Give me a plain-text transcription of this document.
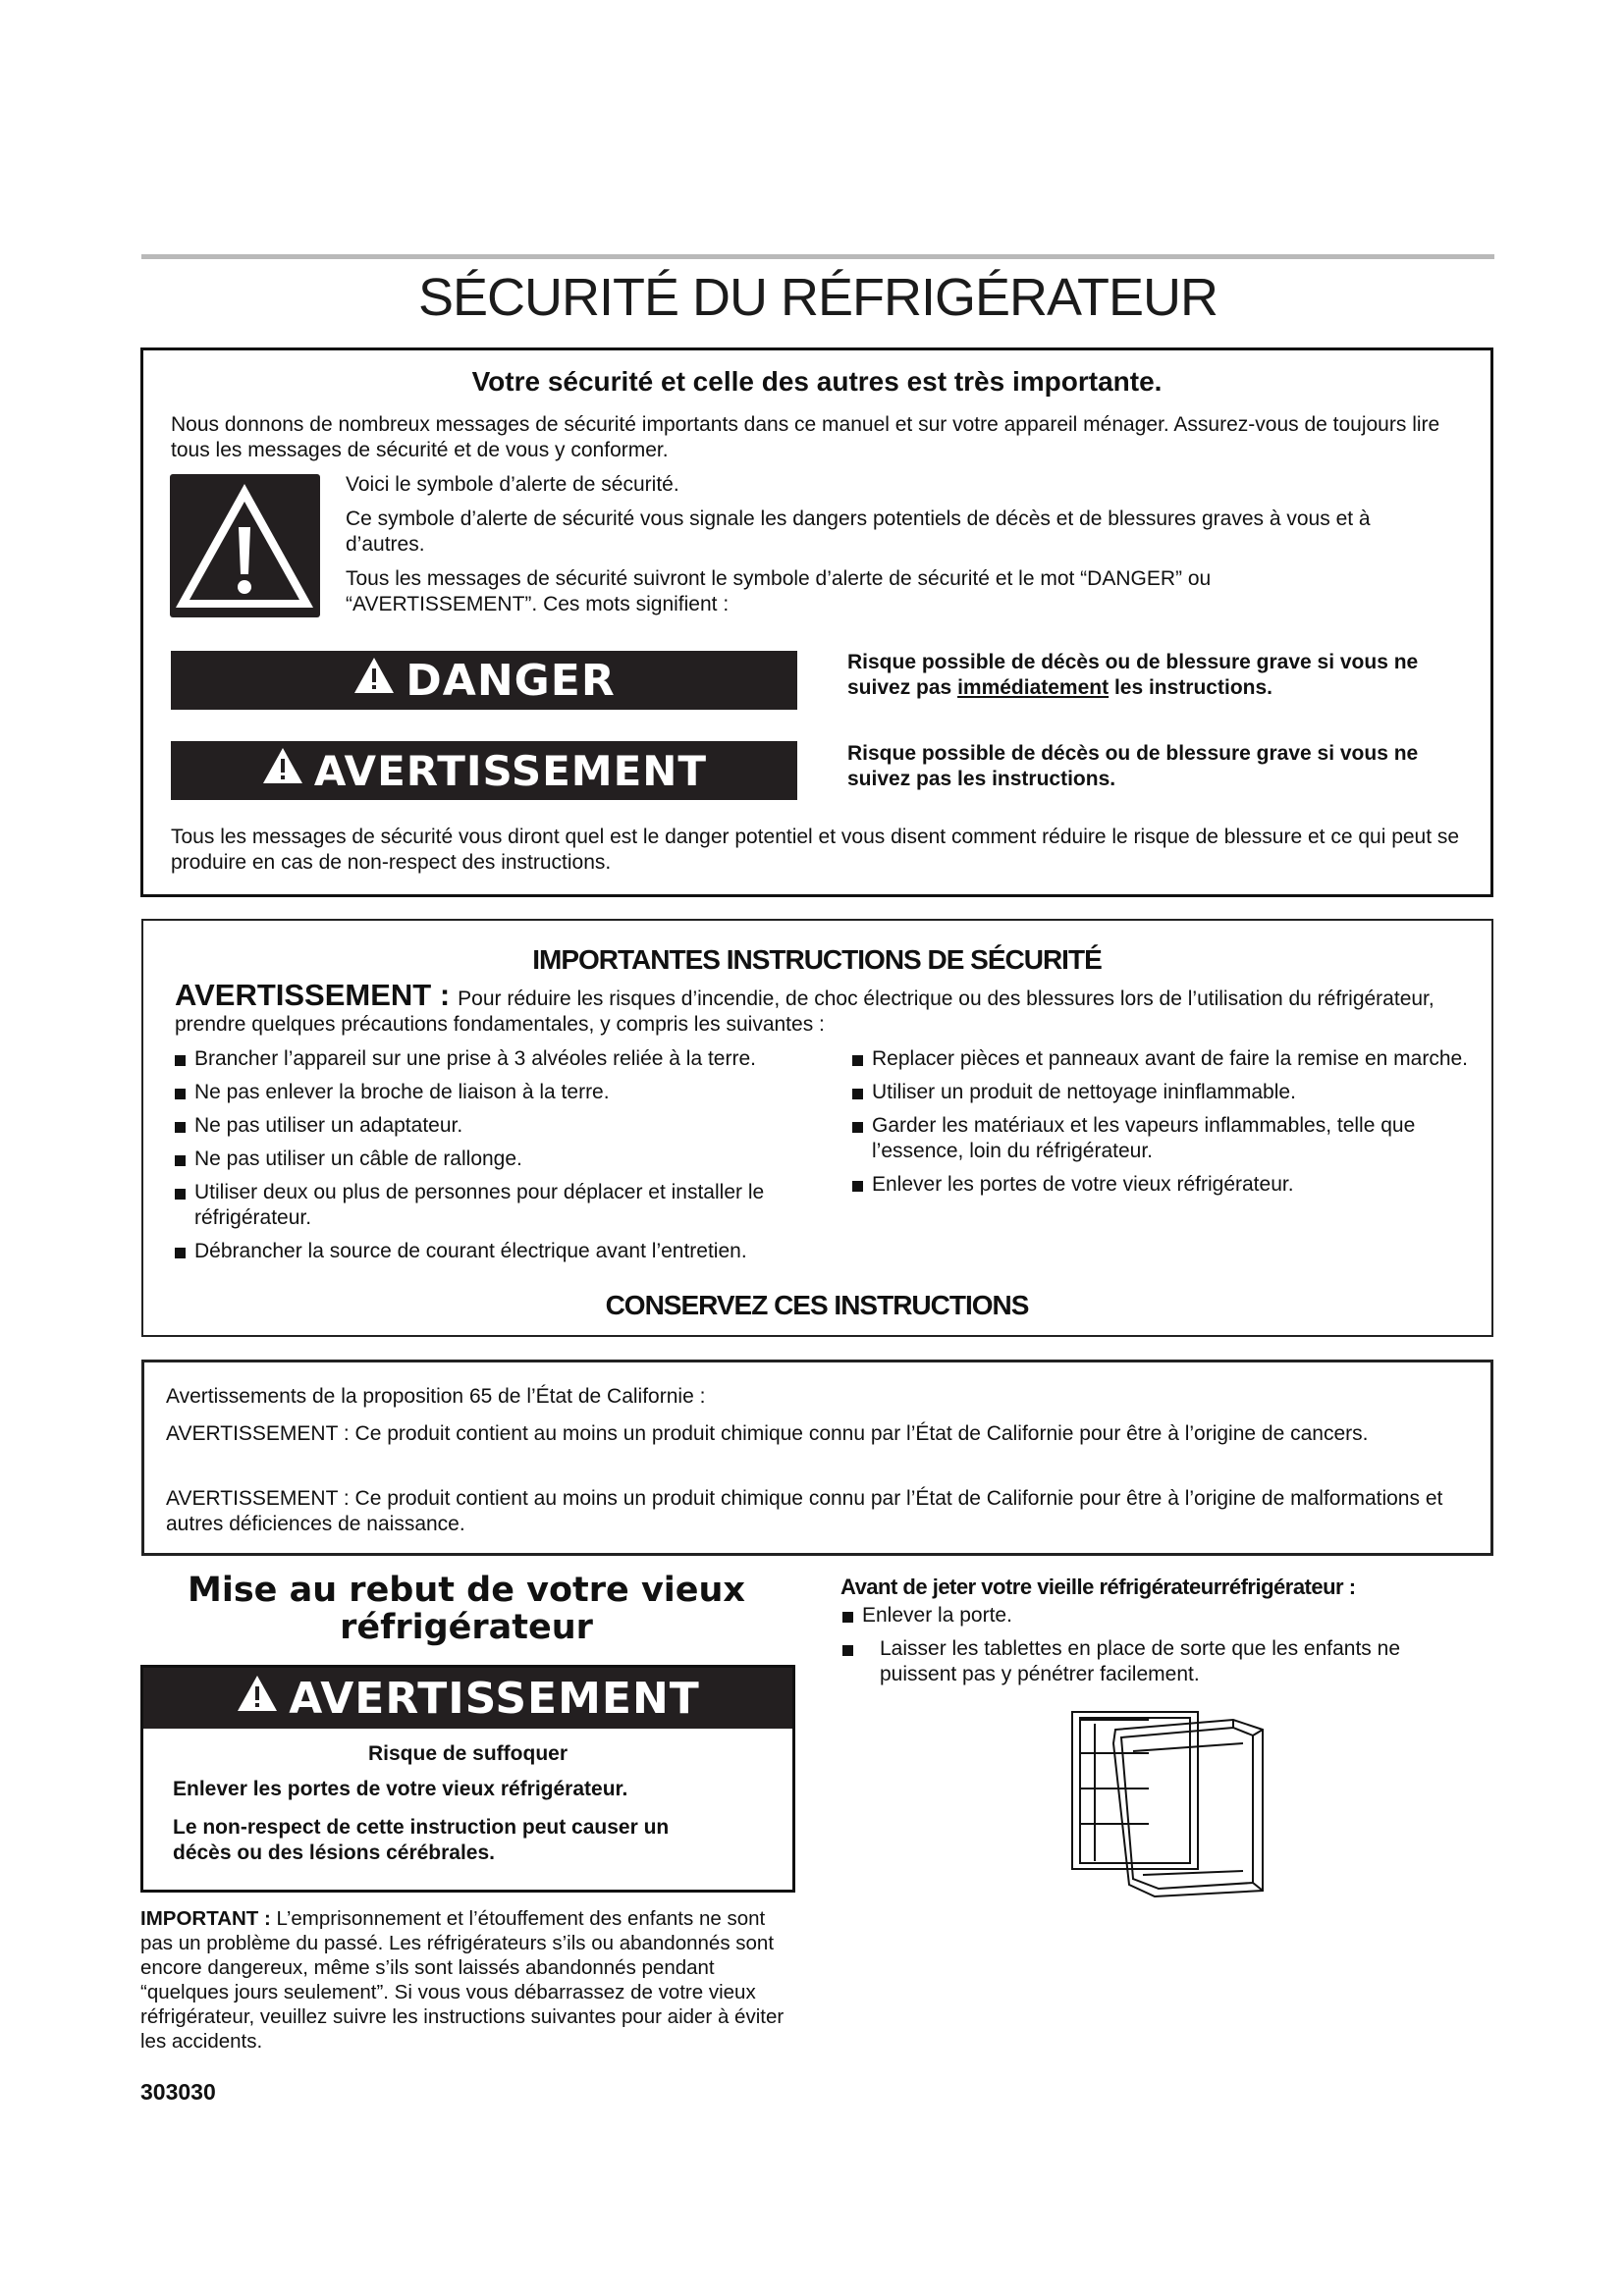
SÉCURITÉ DU RÉFRIGÉRATEUR
Votre sécurité et celle des autres est très importante.

Nous donnons de nombreux messages de sécurité importants dans ce manuel et sur votre appareil ménager. Assurez-vous de toujours lire tous les messages de sécurité et de vous y conformer.

Voici le symbole d’alerte de sécurité.

Ce symbole d’alerte de sécurité vous signale les dangers potentiels de décès et de blessures graves à vous et à d’autres.

Tous les messages de sécurité suivront le symbole d’alerte de sécurité et le mot “DANGER” ou “AVERTISSEMENT”. Ces mots signifient :

DANGER	Risque possible de décès ou de blessure grave si vous ne suivez pas immédiatement les instructions.

AVERTISSEMENT	Risque possible de décès ou de blessure grave si vous ne suivez pas les instructions.

Tous les messages de sécurité vous diront quel est le danger potentiel et vous disent comment réduire le risque de blessure et ce qui peut se produire en cas de non-respect des instructions.

IMPORTANTES INSTRUCTIONS DE SÉCURITÉ

AVERTISSEMENT : Pour réduire les risques d’incendie, de choc électrique ou des blessures lors de l’utilisation du réfrigérateur, prendre quelques précautions fondamentales, y compris les suivantes :

Brancher l’appareil sur une prise à 3 alvéoles reliée à la terre.
Ne pas enlever la broche de liaison à la terre.
Ne pas utiliser un adaptateur.
Ne pas utiliser un câble de rallonge.
Utiliser deux ou plus de personnes pour déplacer et installer le réfrigérateur.
Débrancher la source de courant électrique avant l’entretien.
Replacer pièces et panneaux avant de faire la remise en marche.
Utiliser un produit de nettoyage ininflammable.
Garder les matériaux et les vapeurs inflammables, telle que l’essence, loin du réfrigérateur.
Enlever les portes de votre vieux réfrigérateur.
CONSERVEZ CES INSTRUCTIONS

Avertissements de la proposition 65 de l’État de Californie :

AVERTISSEMENT : Ce produit contient au moins un produit chimique connu par l’État de Californie pour être à l’origine de cancers.

AVERTISSEMENT : Ce produit contient au moins un produit chimique connu par l’État de Californie pour être à l’origine de malformations et autres déficiences de naissance.

Mise au rebut de votre vieux réfrigérateur
AVERTISSEMENT
Risque de suffoquer

Enlever les portes de votre vieux réfrigérateur.

Le non-respect de cette instruction peut causer un décès ou des lésions cérébrales.

IMPORTANT : L’emprisonnement et l’étouffement des enfants ne sont pas un problème du passé. Les réfrigérateurs s’ils ou abandonnés sont encore dangereux, même s’ils sont laissés abandonnés pendant “quelques jours seulement”. Si vous vous débarrassez de votre vieux réfrigérateur, veuillez suivre les instructions suivantes pour aider à éviter les accidents.

303030
Avant de jeter votre vieille réfrigérateurréfrigérateur :
Enlever la porte.
Laisser les tablettes en place de sorte que les enfants ne puissent pas y pénétrer facilement.
